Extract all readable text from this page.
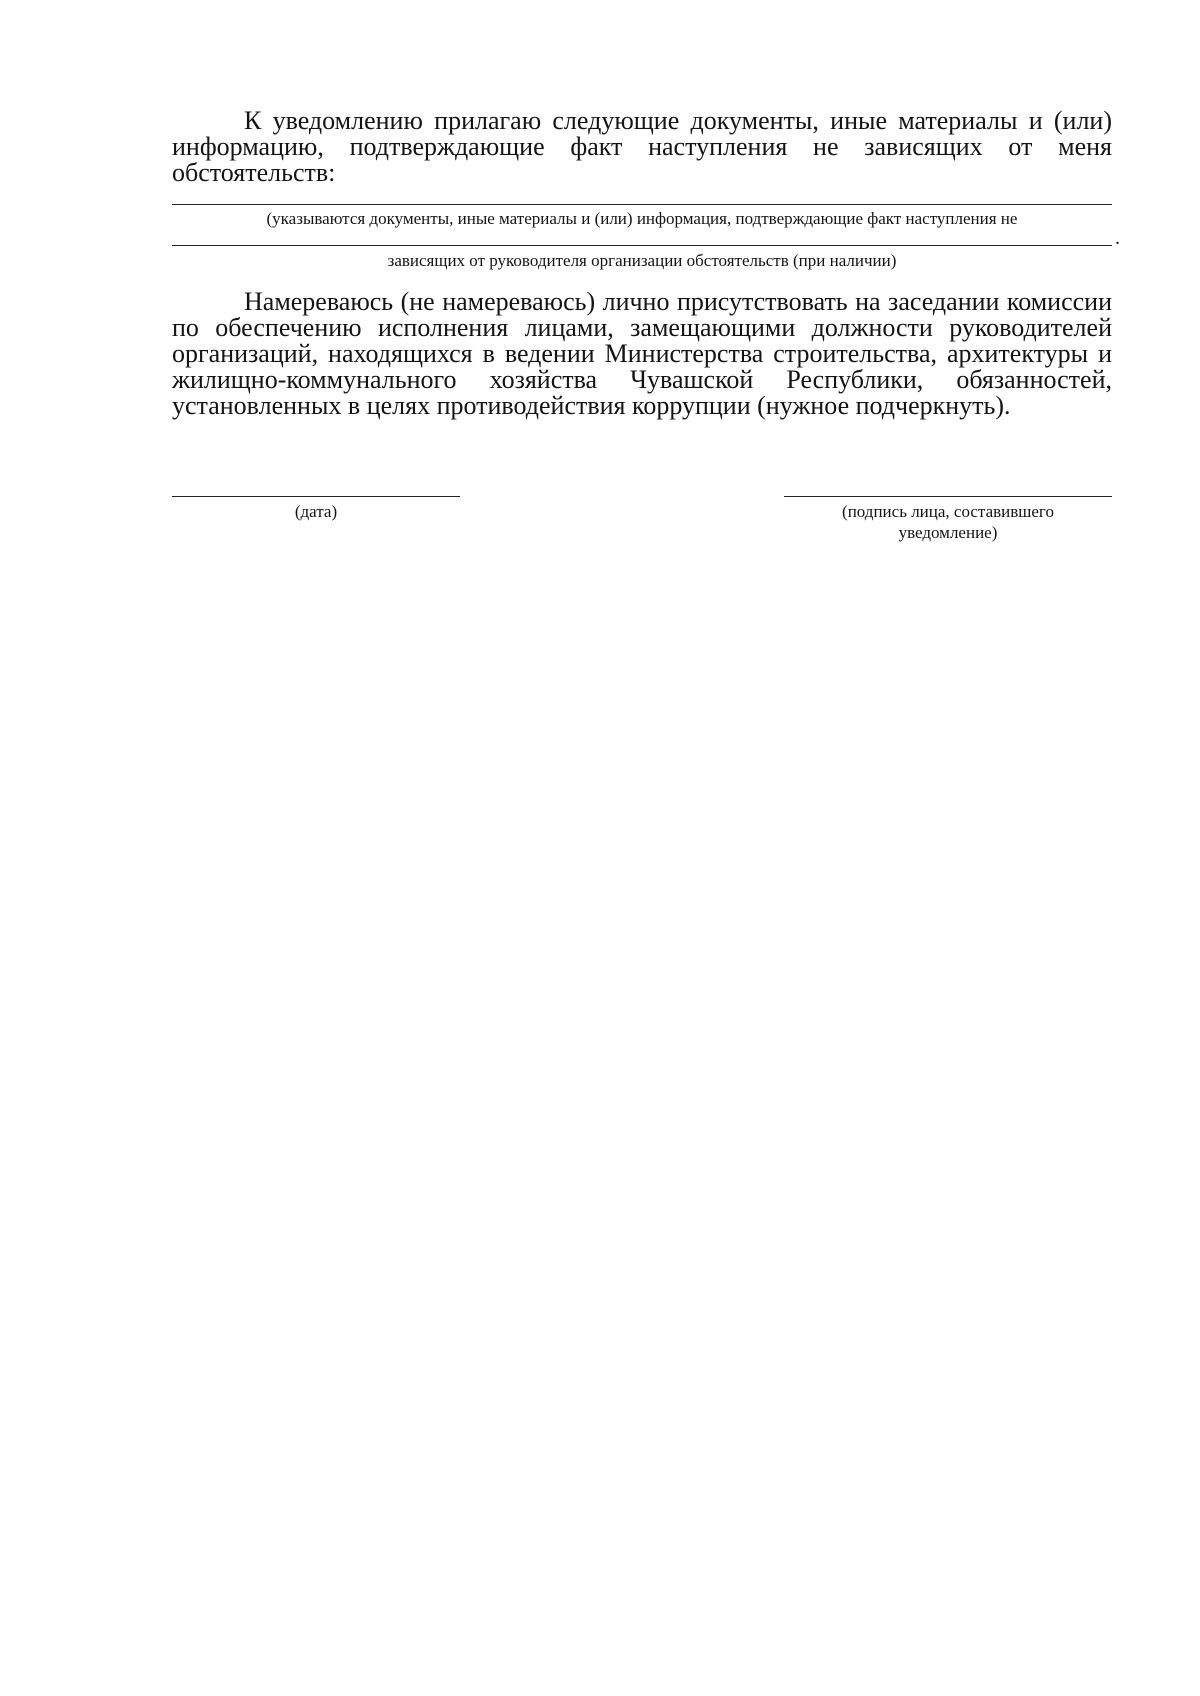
К уведомлению прилагаю следующие документы, иные материалы и (или) информацию, подтверждающие факт наступления не зависящих от меня обстоятельств:

(указываются документы, иные материалы и (или) информация, подтверждающие факт наступления не

.

зависящих от руководителя организации обстоятельств (при наличии)

Намереваюсь (не намереваюсь) лично присутствовать на заседании комиссии по обеспечению исполнения лицами, замещающими должности руководителей организаций, находящихся в ведении Министерства строительства, архитектуры и жилищно-коммунального хозяйства Чувашской Республики, обязанностей, установленных в целях противодействия коррупции (нужное подчеркнуть).

(дата)	(подпись лица, составившего
уведомление)
